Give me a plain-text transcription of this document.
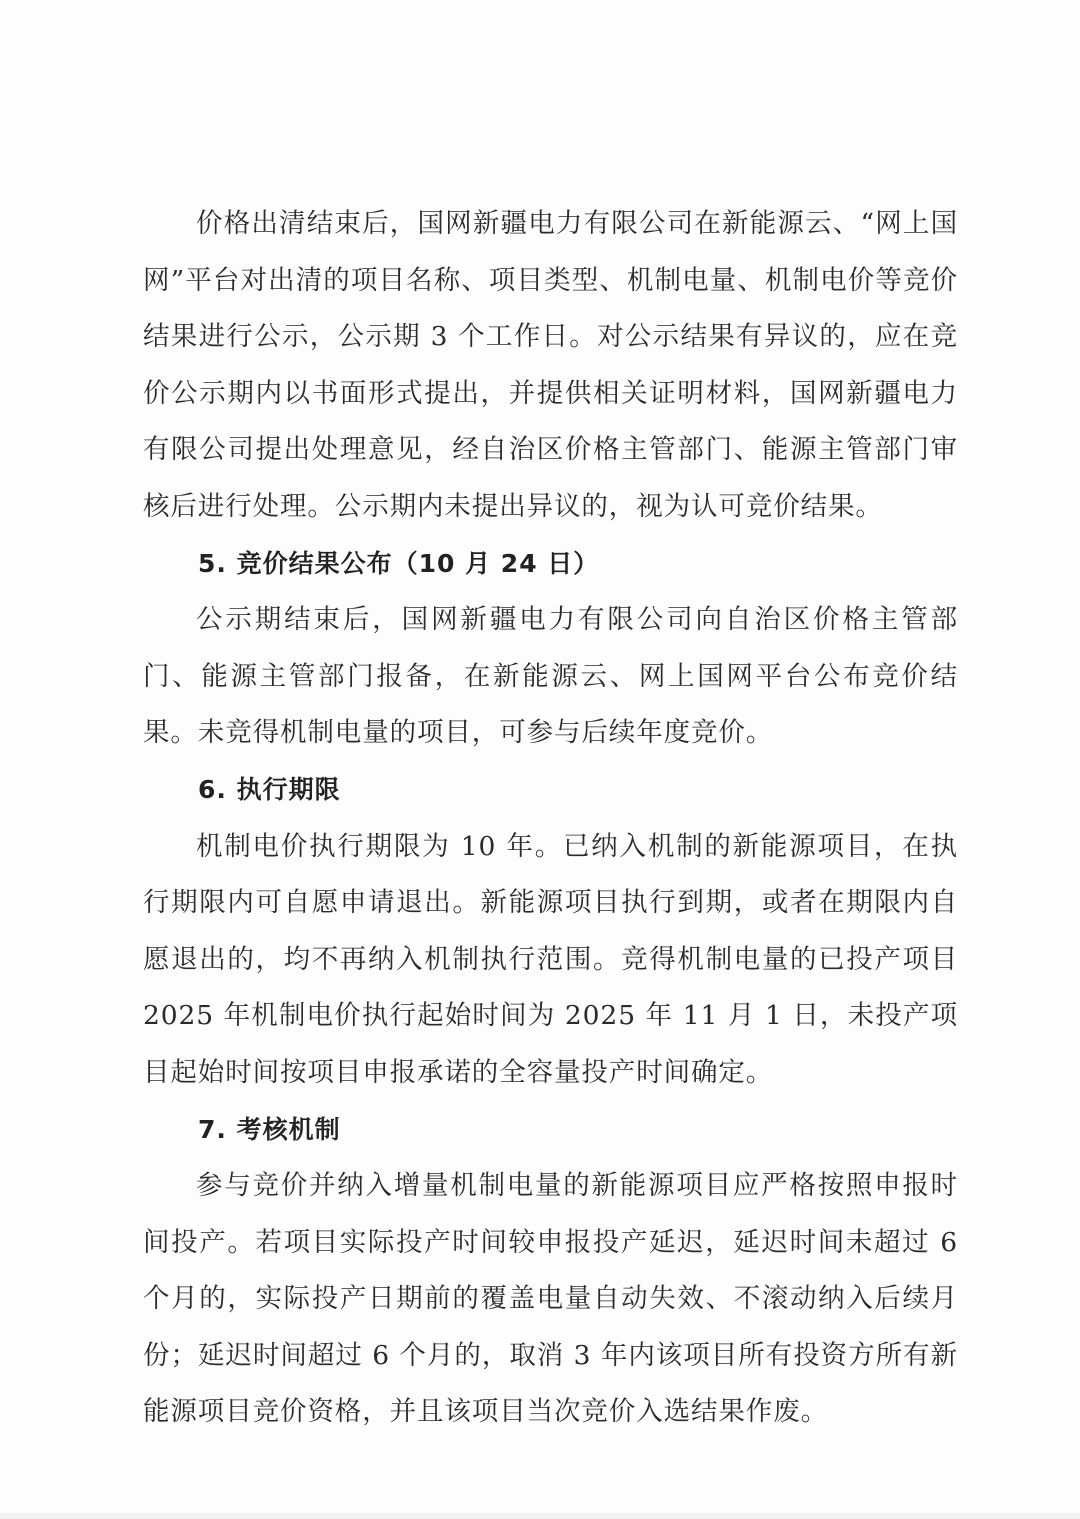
价格出清结束后，国网新疆电力有限公司在新能源云、“网上国网”平台对出清的项目名称、项目类型、机制电量、机制电价等竞价结果进行公示，公示期 3 个工作日。对公示结果有异议的，应在竞价公示期内以书面形式提出，并提供相关证明材料，国网新疆电力有限公司提出处理意见，经自治区价格主管部门、能源主管部门审核后进行处理。公示期内未提出异议的，视为认可竞价结果。

5. 竞价结果公布（10 月 24 日）

公示期结束后，国网新疆电力有限公司向自治区价格主管部门、能源主管部门报备，在新能源云、网上国网平台公布竞价结果。未竞得机制电量的项目，可参与后续年度竞价。

6. 执行期限

机制电价执行期限为 10 年。已纳入机制的新能源项目，在执行期限内可自愿申请退出。新能源项目执行到期，或者在期限内自愿退出的，均不再纳入机制执行范围。竞得机制电量的已投产项目 2025 年机制电价执行起始时间为 2025 年 11 月 1 日，未投产项目起始时间按项目申报承诺的全容量投产时间确定。

7. 考核机制

参与竞价并纳入增量机制电量的新能源项目应严格按照申报时间投产。若项目实际投产时间较申报投产延迟，延迟时间未超过 6 个月的，实际投产日期前的覆盖电量自动失效、不滚动纳入后续月份；延迟时间超过 6 个月的，取消 3 年内该项目所有投资方所有新能源项目竞价资格，并且该项目当次竞价入选结果作废。
